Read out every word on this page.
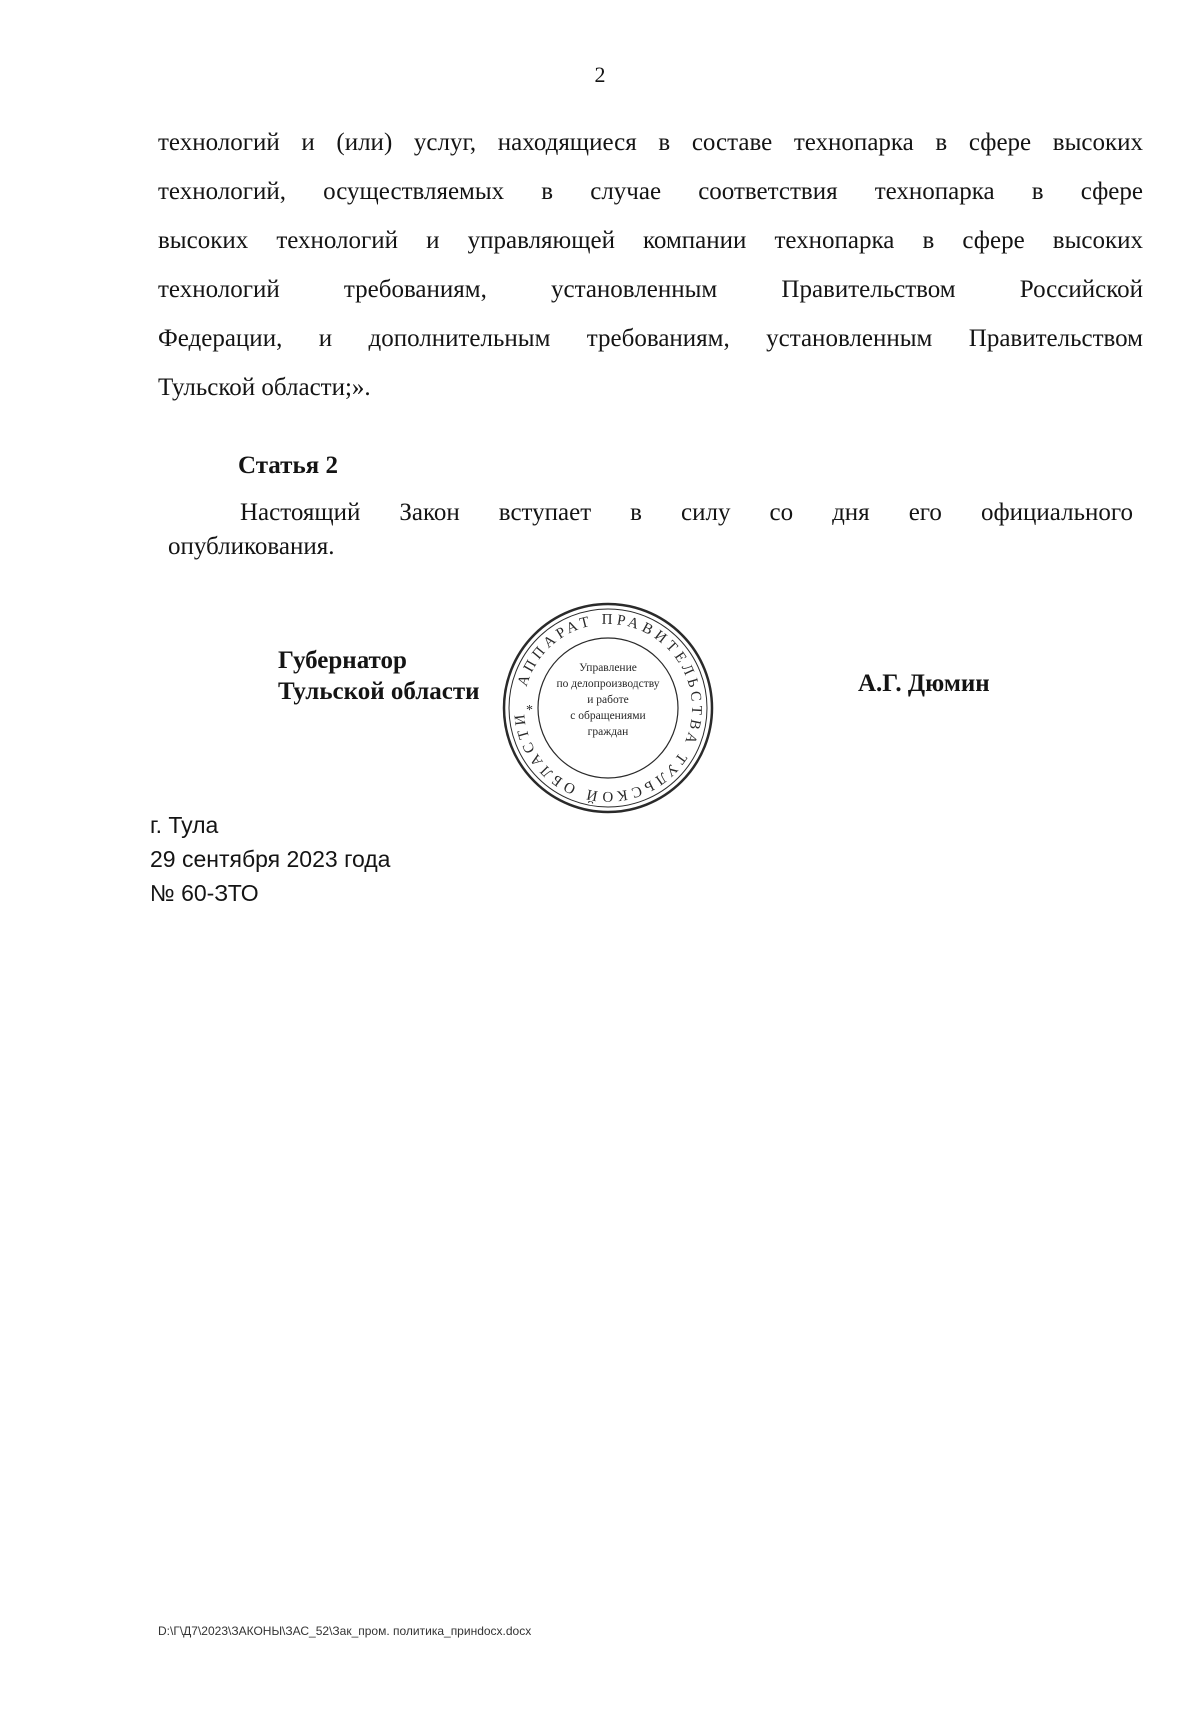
2
технологий и (или) услуг, находящиеся в составе технопарка в сфере высоких
технологий, осуществляемых в случае соответствия технопарка в сфере
высоких технологий и управляющей компании технопарка в сфере высоких
технологий требованиям, установленным Правительством Российской
Федерации, и дополнительным требованиям, установленным Правительством
Тульской области;».
Статья 2
Настоящий Закон вступает в силу со дня его официального
опубликования.
Губернатор
Тульской области АППАРАТ ПРАВИТЕЛЬСТВА ТУЛЬСКОЙ ОБЛАСТИ
*
Управление
по делопроизводству
и работе
с обращениями
граждан
А.Г. Дюмин
г. Тула
29 сентября 2023 года
№ 60-ЗТО
D:\Г\Д7\2023\ЗАКОНЫ\ЗАС_52\Зак_пром. политика_принdocx.docx
